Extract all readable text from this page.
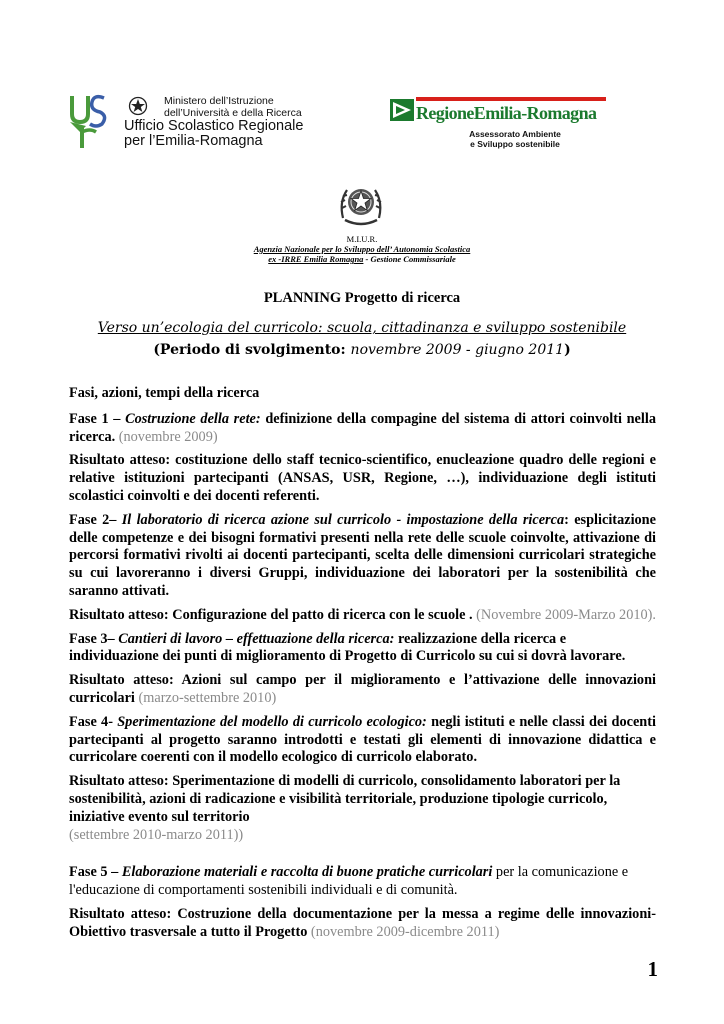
Ministero dell’Istruzione
dell’Università e della Ricerca
Ufficio Scolastico Regionale
per l’Emilia-Romagna
RegioneEmilia-Romagna
Assessorato Ambiente
e Sviluppo sostenibile
M.I.U.R.
Agenzia Nazionale per lo Sviluppo dell’ Autonomia Scolastica
ex -IRRE Emilia Romagna - Gestione Commissariale
PLANNING Progetto di ricerca
Verso un’ecologia del curricolo: scuola, cittadinanza e sviluppo sostenibile
(Periodo di svolgimento: novembre 2009 - giugno 2011)

Fasi, azioni, tempi della ricerca

Fase 1 – Costruzione della rete: definizione della compagine del sistema di attori coinvolti nella ricerca. (novembre 2009)

Risultato atteso: costituzione dello staff tecnico-scientifico, enucleazione quadro delle regioni e relative istituzioni partecipanti (ANSAS, USR, Regione, …), individuazione degli istituti scolastici coinvolti e dei docenti referenti.

Fase 2– Il laboratorio di ricerca azione sul curricolo - impostazione della ricerca: esplicitazione delle competenze e dei bisogni formativi presenti nella rete delle scuole coinvolte, attivazione di percorsi formativi rivolti ai docenti partecipanti, scelta delle dimensioni curricolari strategiche su cui lavoreranno i diversi Gruppi, individuazione dei laboratori per la sostenibilità che saranno attivati.

Risultato atteso: Configurazione del patto di ricerca con le scuole . (Novembre 2009-Marzo 2010).

Fase 3– Cantieri di lavoro – effettuazione della ricerca: realizzazione della ricerca e individuazione dei punti di miglioramento di Progetto di Curricolo su cui si dovrà lavorare.

Risultato atteso: Azioni sul campo per il miglioramento e l’attivazione delle innovazioni curricolari (marzo-settembre 2010)

Fase 4- Sperimentazione del modello di curricolo ecologico: negli istituti e nelle classi dei docenti partecipanti al progetto saranno introdotti e testati gli elementi di innovazione didattica e curricolare coerenti con il modello ecologico di curricolo elaborato.

Risultato atteso: Sperimentazione di modelli di curricolo, consolidamento laboratori per la sostenibilità, azioni di radicazione e visibilità territoriale, produzione tipologie curricolo, iniziative evento sul territorio
(settembre 2010-marzo 2011))

Fase 5 – Elaborazione materiali e raccolta di buone pratiche curricolari per la comunicazione e l'educazione di comportamenti sostenibili individuali e di comunità.

Risultato atteso: Costruzione della documentazione per la messa a regime delle innovazioni- Obiettivo trasversale a tutto il Progetto (novembre 2009-dicembre 2011)

1
